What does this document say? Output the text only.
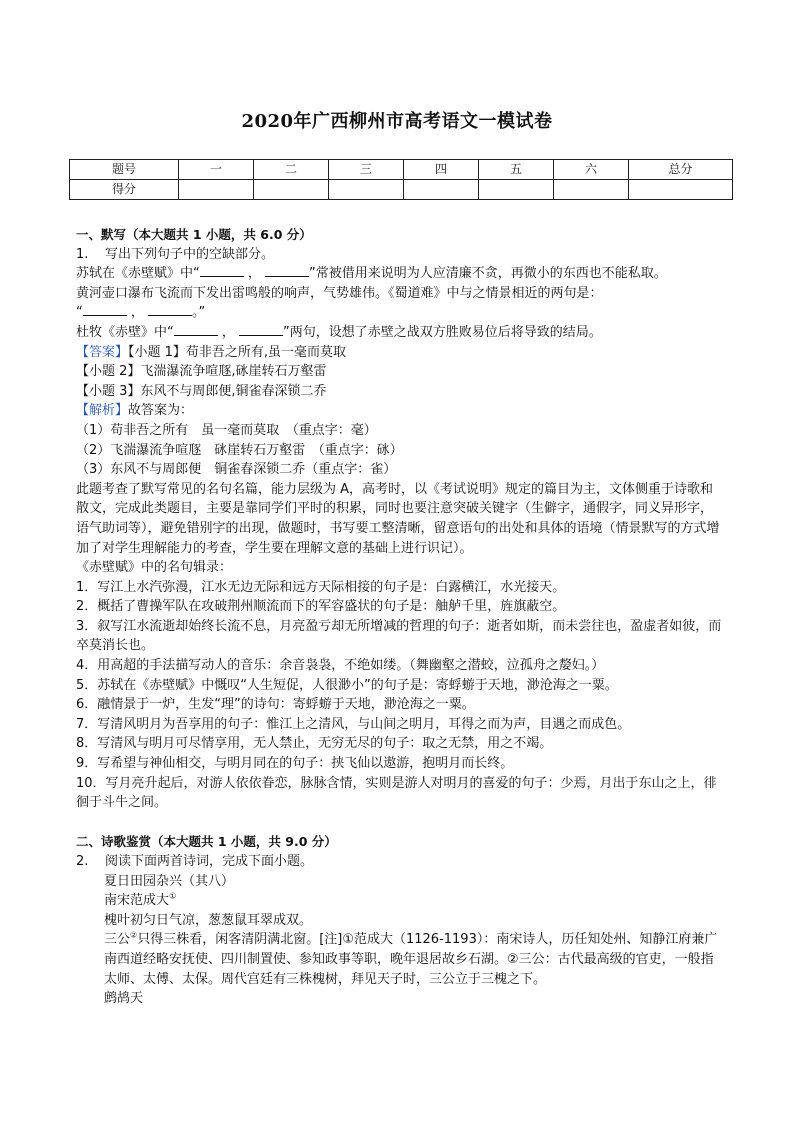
2020年广西柳州市高考语文一模试卷
题号	一	二	三	四	五	六	总分
得分							
一、默写（本大题共 1 小题，共 6.0 分）
1. 写出下列句子中的空缺部分。
苏轼在《赤壁赋》中“	，	”常被借用来说明为人应清廉不贪，再微小的东西也不能私取。
黄河壶口瀑布飞流而下发出雷鸣般的响声，气势雄伟。《蜀道难》中与之情景相近的两句是：
“	，	。”
杜牧《赤壁》中“	，	”两句，设想了赤壁之战双方胜败易位后将导致的结局。
【答案】【小题 1】苟非吾之所有,虽一毫而莫取
【小题 2】飞湍瀑流争喧豗,砯崖转石万壑雷
【小题 3】东风不与周郎便,铜雀春深锁二乔
【解析】故答案为：
（1）苟非吾之所有　虽一毫而莫取　（重点字：毫）
（2）飞湍瀑流争喧豗　砯崖转石万壑雷　（重点字：砯）
（3）东风不与周郎便　铜雀春深锁二乔（重点字：雀）
此题考查了默写常见的名句名篇，能力层级为 A，高考时，以《考试说明》规定的篇目为主，文体侧重于诗歌和散文，完成此类题目，主要是靠同学们平时的积累，同时也要注意突破关键字（生僻字，通假字，同义异形字，语气助词等），避免错别字的出现，做题时，书写要工整清晰，留意语句的出处和具体的语境（情景默写的方式增加了对学生理解能力的考查，学生要在理解文意的基础上进行识记）。
《赤壁赋》中的名句辑录：
1．写江上水汽弥漫，江水无边无际和远方天际相接的句子是：白露横江，水光接天。
2．概括了曹操军队在攻破荆州顺流而下的军容盛状的句子是：舳舻千里，旌旗蔽空。
3．叙写江水流逝却始终长流不息，月亮盈亏却无所增减的哲理的句子：逝者如斯，而未尝往也，盈虚者如彼，而卒莫消长也。
4．用高超的手法描写动人的音乐：余音袅袅，不绝如缕。（舞幽壑之潜蛟，泣孤舟之嫠妇。）
5．苏轼在《赤壁赋》中慨叹“人生短促，人很渺小”的句子是：寄蜉蝣于天地，渺沧海之一粟。
6．融情景于一炉，生发“理”的诗句：寄蜉蝣于天地，渺沧海之一粟。
7．写清风明月为吾享用的句子：惟江上之清风，与山间之明月，耳得之而为声，目遇之而成色。
8．写清风与明月可尽情享用，无人禁止，无穷无尽的句子：取之无禁，用之不竭。
9．写希望与神仙相交，与明月同在的句子：挟飞仙以遨游，抱明月而长终。
10．写月亮升起后，对游人依依眷恋，脉脉含情，实则是游人对明月的喜爱的句子：少焉，月出于东山之上，徘徊于斗牛之间。
二、诗歌鉴赏（本大题共 1 小题，共 9.0 分）
2. 阅读下面两首诗词，完成下面小题。
夏日田园杂兴（其八）
南宋范成大①
槐叶初匀日气凉，葱葱鼠耳翠成双。
三公②只得三株看，闲客清阴满北窗。[注]①范成大（1126-1193）：南宋诗人，历任知处州、知静江府兼广南西道经略安抚使、四川制置使、参知政事等职，晚年退居故乡石湖。②三公：古代最高级的官吏，一般指太师、太傅、太保。周代宫廷有三株槐树，拜见天子时，三公立于三槐之下。
鹧鸪天
